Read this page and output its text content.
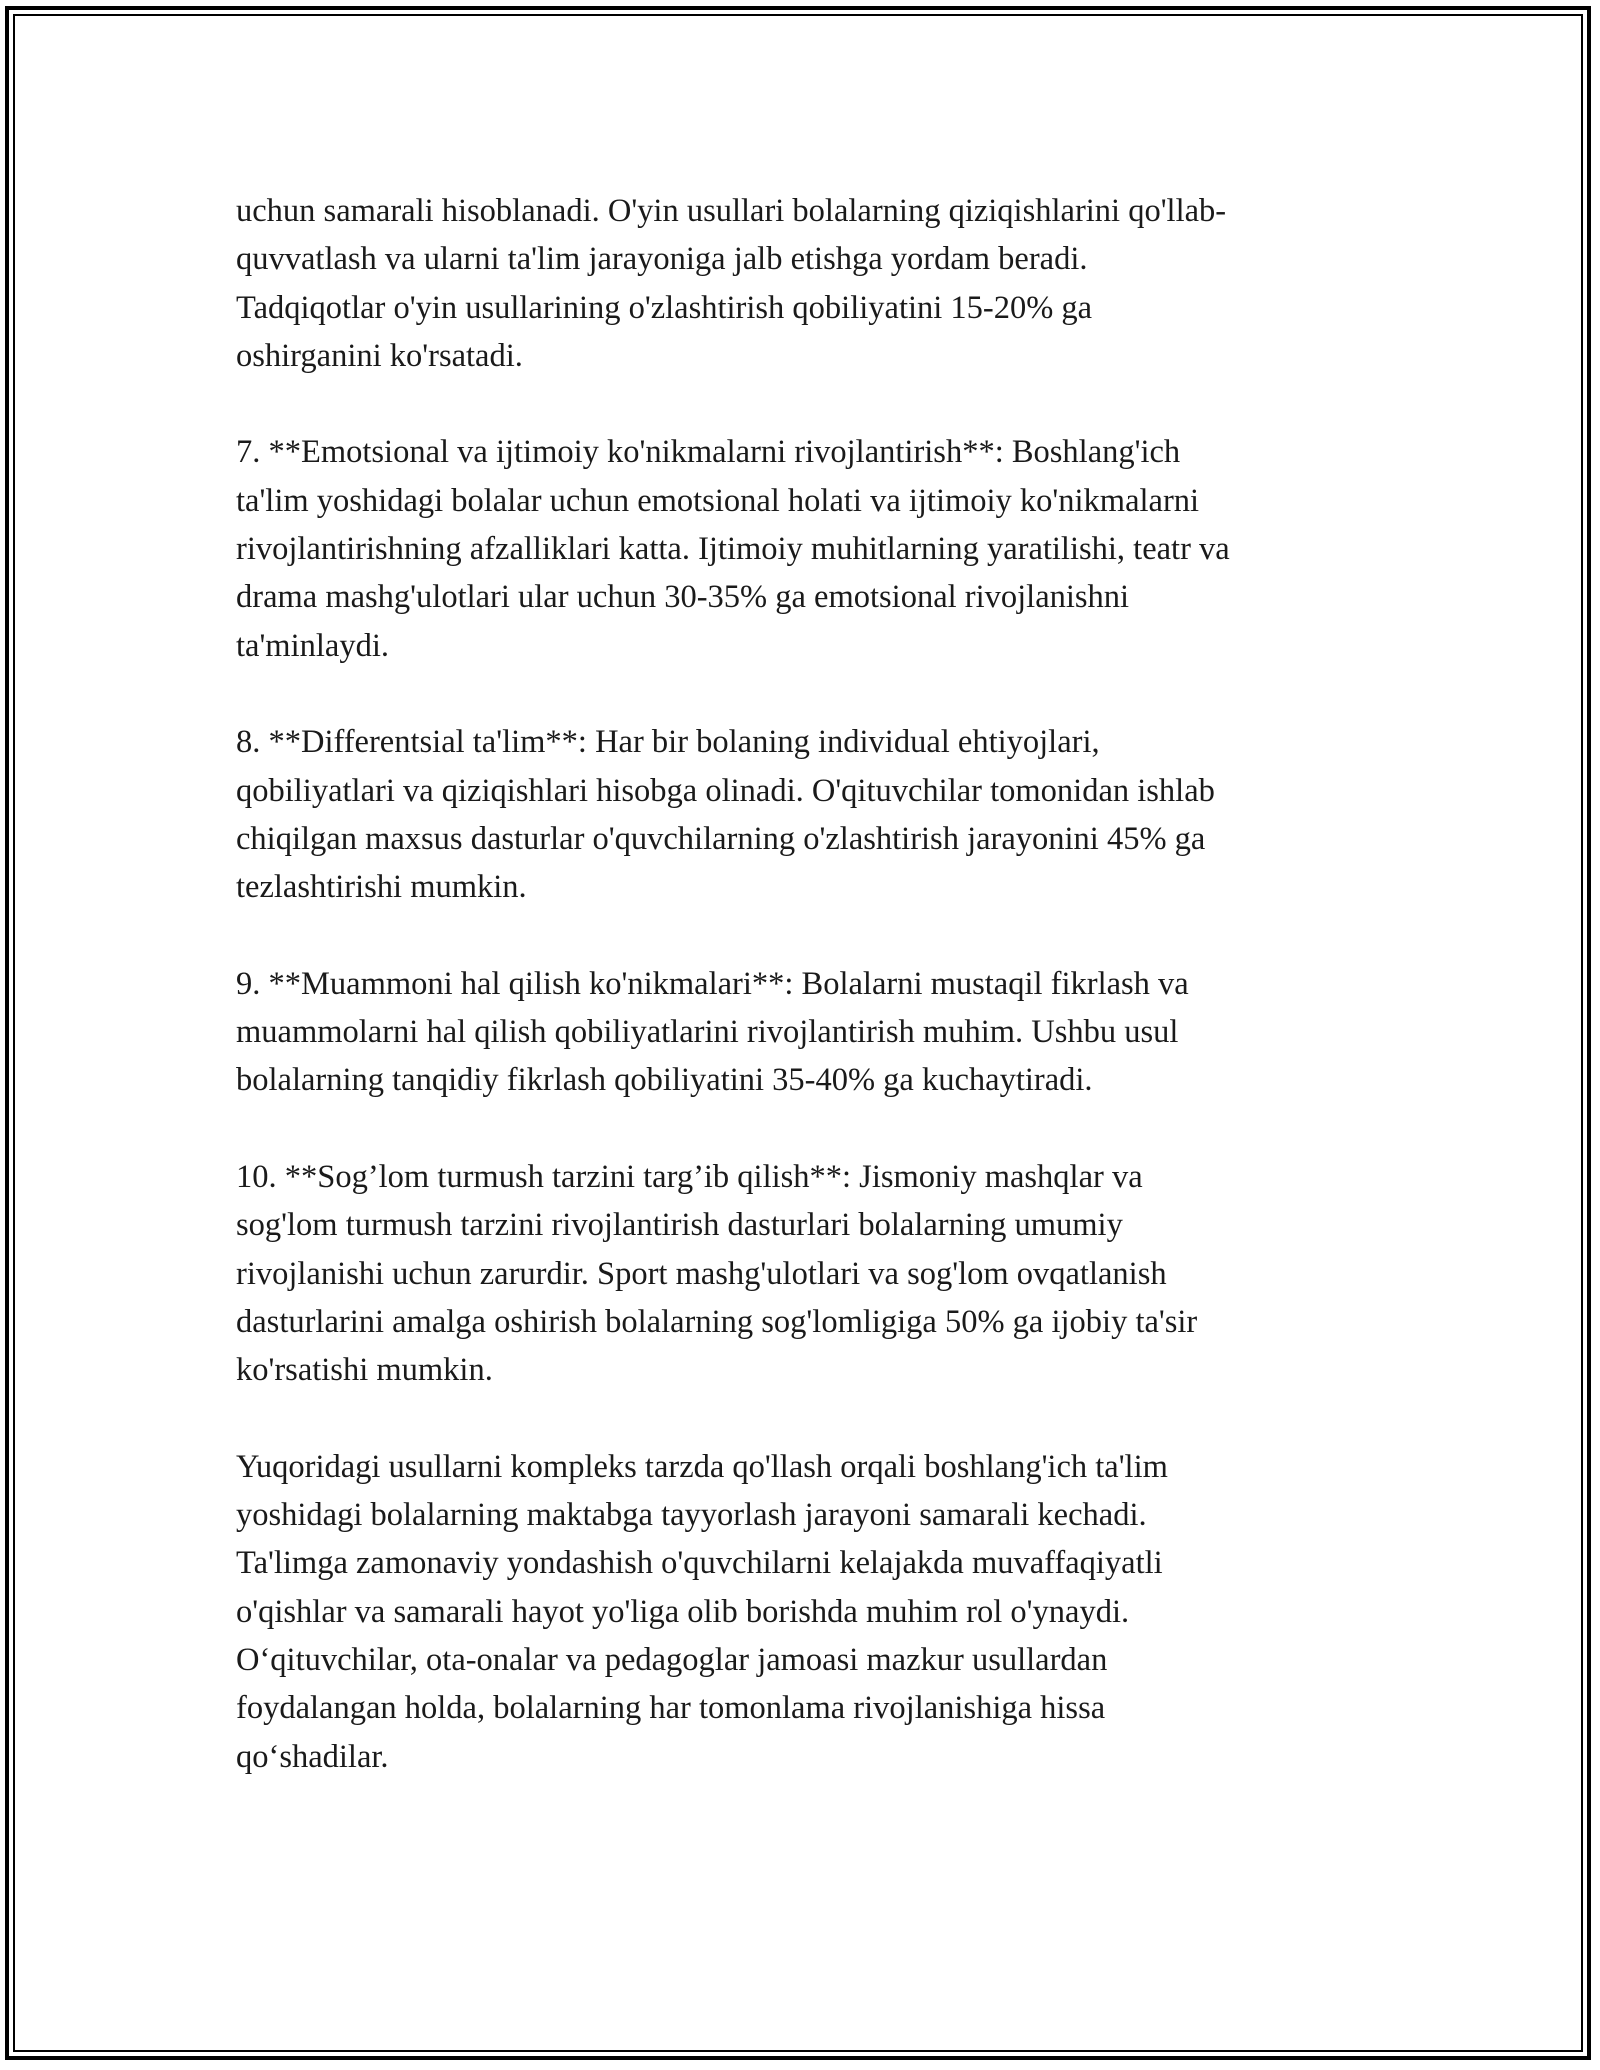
uchun samarali hisoblanadi. O'yin usullari bolalarning qiziqishlarini qo'llab-
quvvatlash va ularni ta'lim jarayoniga jalb etishga yordam beradi.
Tadqiqotlar o'yin usullarining o'zlashtirish qobiliyatini 15-20% ga
oshirganini ko'rsatadi.

7. **Emotsional va ijtimoiy ko'nikmalarni rivojlantirish**: Boshlang'ich
ta'lim yoshidagi bolalar uchun emotsional holati va ijtimoiy ko'nikmalarni
rivojlantirishning afzalliklari katta. Ijtimoiy muhitlarning yaratilishi, teatr va
drama mashg'ulotlari ular uchun 30-35% ga emotsional rivojlanishni
ta'minlaydi.

8. **Differentsial ta'lim**: Har bir bolaning individual ehtiyojlari,
qobiliyatlari va qiziqishlari hisobga olinadi. O'qituvchilar tomonidan ishlab
chiqilgan maxsus dasturlar o'quvchilarning o'zlashtirish jarayonini 45% ga
tezlashtirishi mumkin.

9. **Muammoni hal qilish ko'nikmalari**: Bolalarni mustaqil fikrlash va
muammolarni hal qilish qobiliyatlarini rivojlantirish muhim. Ushbu usul
bolalarning tanqidiy fikrlash qobiliyatini 35-40% ga kuchaytiradi.

10. **Sog’lom turmush tarzini targ’ib qilish**: Jismoniy mashqlar va
sog'lom turmush tarzini rivojlantirish dasturlari bolalarning umumiy
rivojlanishi uchun zarurdir. Sport mashg'ulotlari va sog'lom ovqatlanish
dasturlarini amalga oshirish bolalarning sog'lomligiga 50% ga ijobiy ta'sir
ko'rsatishi mumkin.

Yuqoridagi usullarni kompleks tarzda qo'llash orqali boshlang'ich ta'lim
yoshidagi bolalarning maktabga tayyorlash jarayoni samarali kechadi.
Ta'limga zamonaviy yondashish o'quvchilarni kelajakda muvaffaqiyatli
o'qishlar va samarali hayot yo'liga olib borishda muhim rol o'ynaydi.
O‘qituvchilar, ota-onalar va pedagoglar jamoasi mazkur usullardan
foydalangan holda, bolalarning har tomonlama rivojlanishiga hissa
qo‘shadilar.
